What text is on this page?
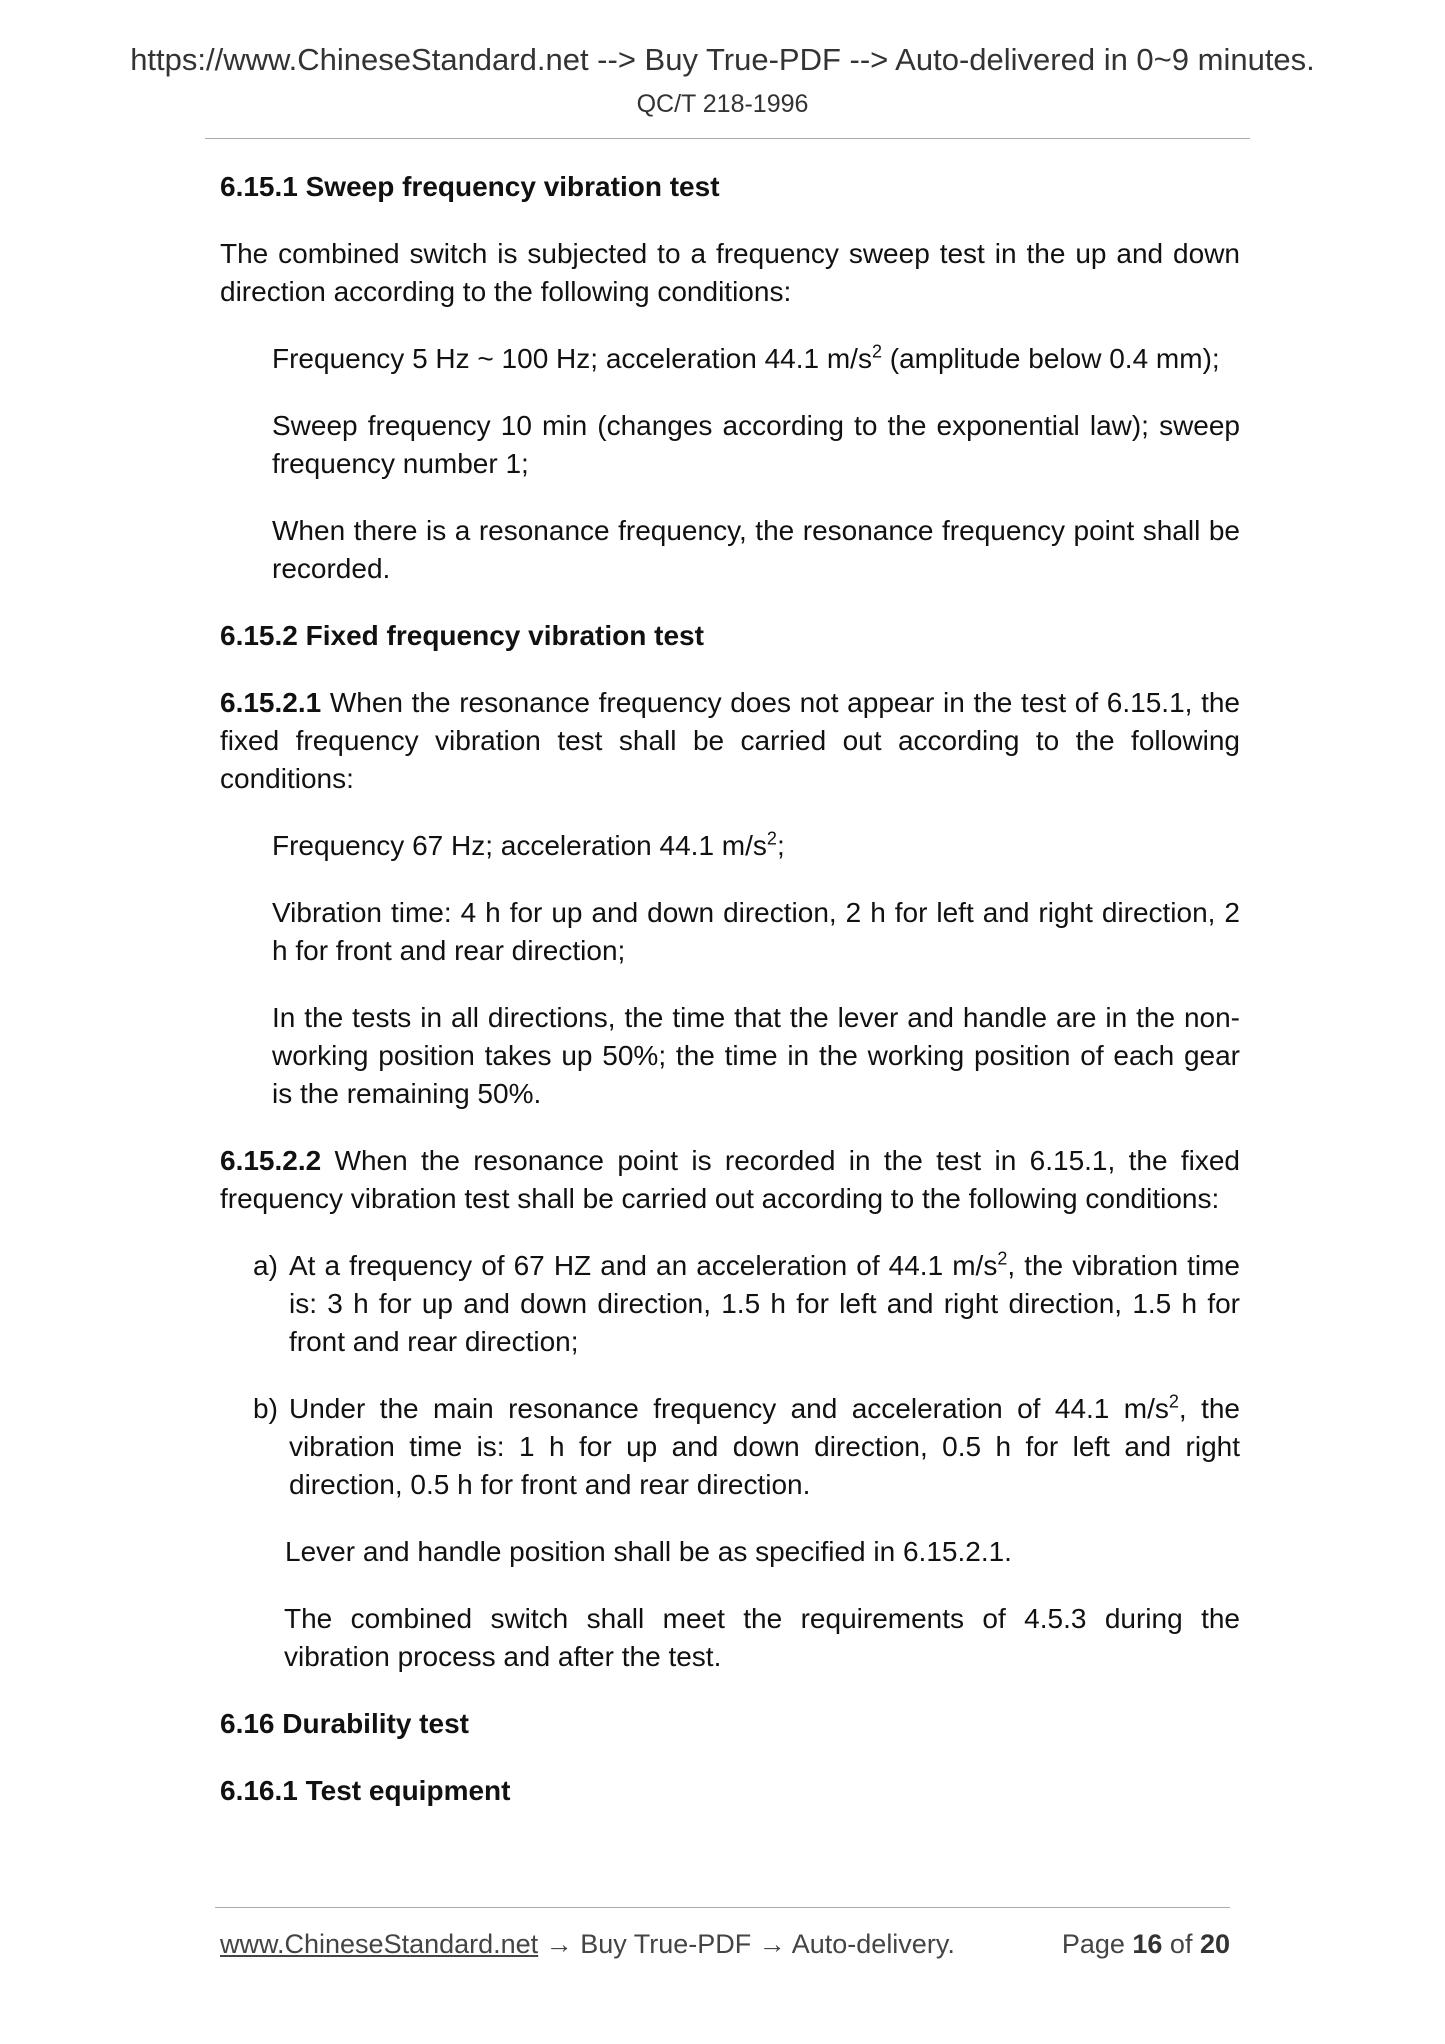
https://www.ChineseStandard.net --> Buy True-PDF --> Auto-delivered in 0~9 minutes.
QC/T 218-1996

6.15.1 Sweep frequency vibration test

The combined switch is subjected to a frequency sweep test in the up and down direction according to the following conditions:

Frequency 5 Hz ~ 100 Hz; acceleration 44.1 $m/s^2$ (amplitude below 0.4 mm);

Sweep frequency 10 min (changes according to the exponential law); sweep frequency number 1;

When there is a resonance frequency, the resonance frequency point shall be recorded.

6.15.2 Fixed frequency vibration test

6.15.2.1 When the resonance frequency does not appear in the test of 6.15.1, the fixed frequency vibration test shall be carried out according to the following conditions:

Frequency 67 Hz; acceleration 44.1 $m/s^2$;

Vibration time: 4 h for up and down direction, 2 h for left and right direction, 2 h for front and rear direction;

In the tests in all directions, the time that the lever and handle are in the non-working position takes up 50%; the time in the working position of each gear is the remaining 50%.

6.15.2.2 When the resonance point is recorded in the test in 6.15.1, the fixed frequency vibration test shall be carried out according to the following conditions:

a) At a frequency of 67 HZ and an acceleration of 44.1 $m/s^2$, the vibration time is: 3 h for up and down direction, 1.5 h for left and right direction, 1.5 h for front and rear direction;
b) Under the main resonance frequency and acceleration of 44.1 $m/s^2$, the vibration time is: 1 h for up and down direction, 0.5 h for left and right direction, 0.5 h for front and rear direction.

Lever and handle position shall be as specified in 6.15.2.1.

The combined switch shall meet the requirements of 4.5.3 during the vibration process and after the test.

6.16 Durability test

6.16.1 Test equipment

www.ChineseStandard.net → Buy True-PDF → Auto-delivery.	Page 16 of 20
